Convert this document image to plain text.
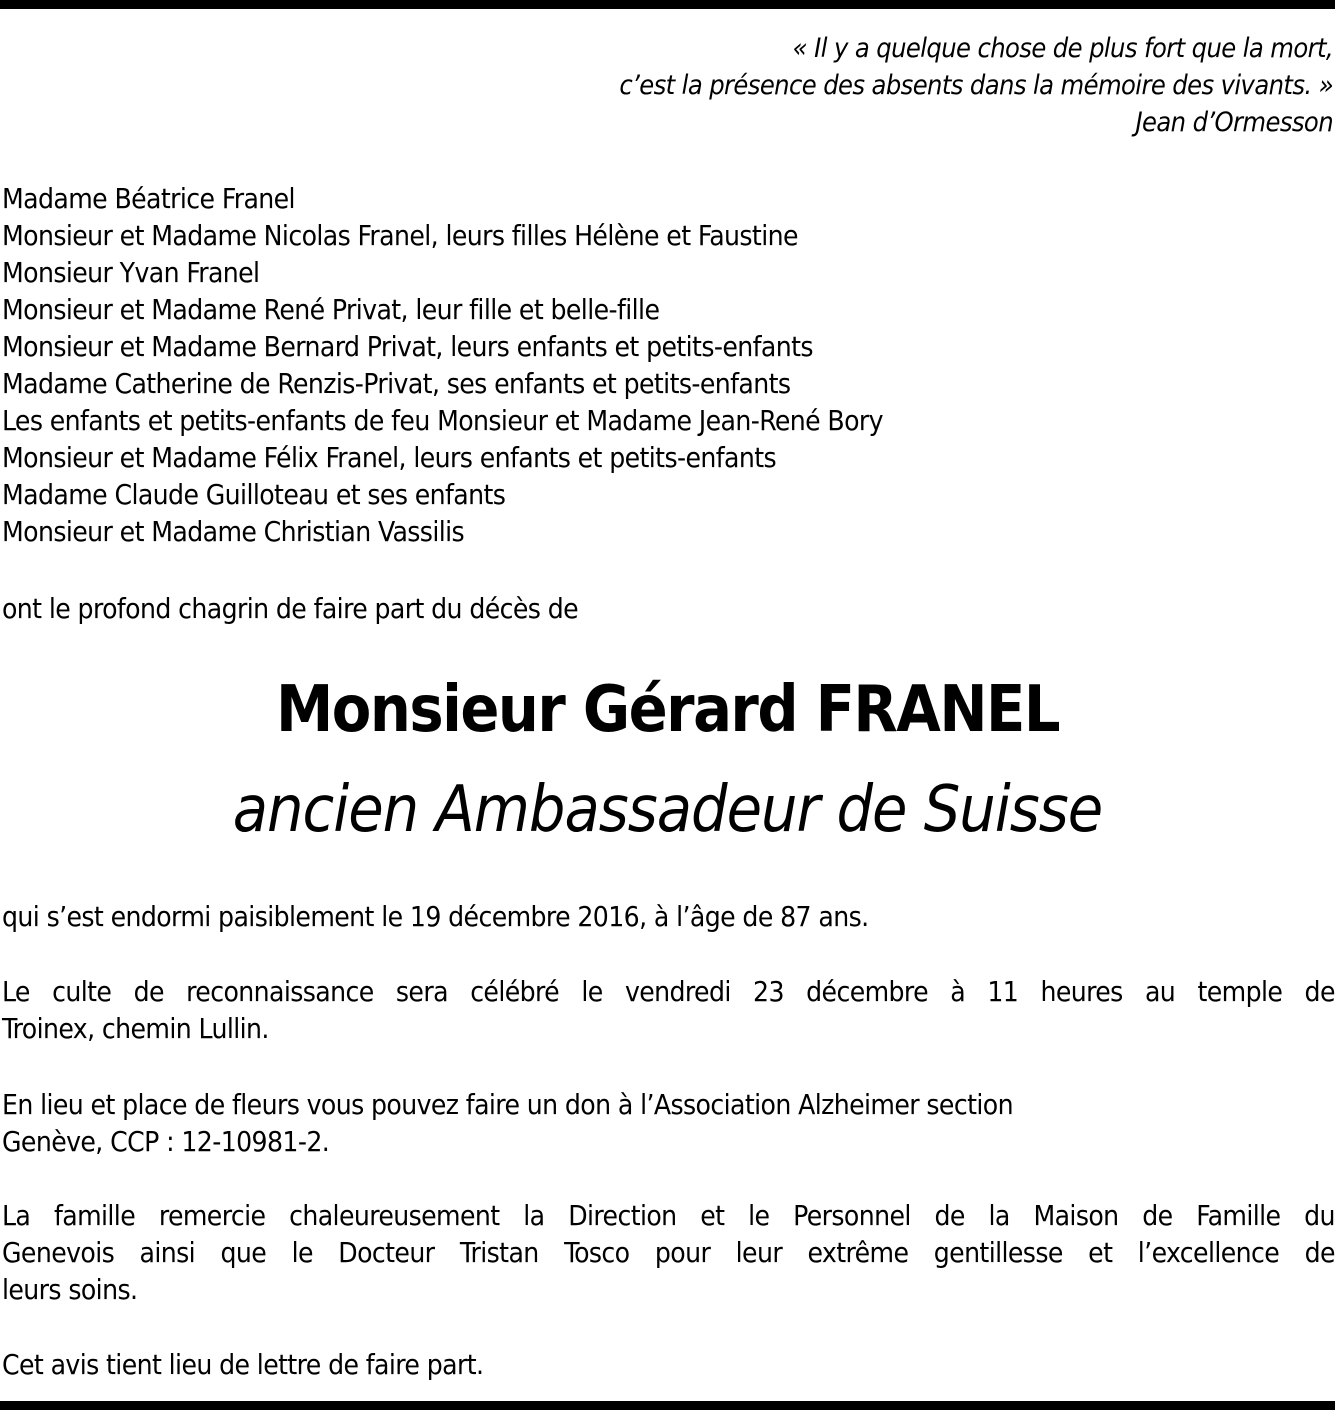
« Il y a quelque chose de plus fort que la mort,
c’est la présence des absents dans la mémoire des vivants. »
Jean d’Ormesson
Madame Béatrice Franel
Monsieur et Madame Nicolas Franel, leurs filles Hélène et Faustine
Monsieur Yvan Franel
Monsieur et Madame René Privat, leur fille et belle-fille
Monsieur et Madame Bernard Privat, leurs enfants et petits-enfants
Madame Catherine de Renzis-Privat, ses enfants et petits-enfants
Les enfants et petits-enfants de feu Monsieur et Madame Jean-René Bory
Monsieur et Madame Félix Franel, leurs enfants et petits-enfants
Madame Claude Guilloteau et ses enfants
Monsieur et Madame Christian Vassilis
ont le profond chagrin de faire part du décès de
Monsieur Gérard FRANEL
ancien Ambassadeur de Suisse
qui s’est endormi paisiblement le 19 décembre 2016, à l’âge de 87 ans.
Le culte de reconnaissance sera célébré le vendredi 23 décembre à 11 heures au temple de
Troinex, chemin Lullin.
En lieu et place de fleurs vous pouvez faire un don à l’Association Alzheimer section
Genève, CCP : 12-10981-2.
La famille remercie chaleureusement la Direction et le Personnel de la Maison de Famille du
Genevois ainsi que le Docteur Tristan Tosco pour leur extrême gentillesse et l’excellence de
leurs soins.
Cet avis tient lieu de lettre de faire part.
